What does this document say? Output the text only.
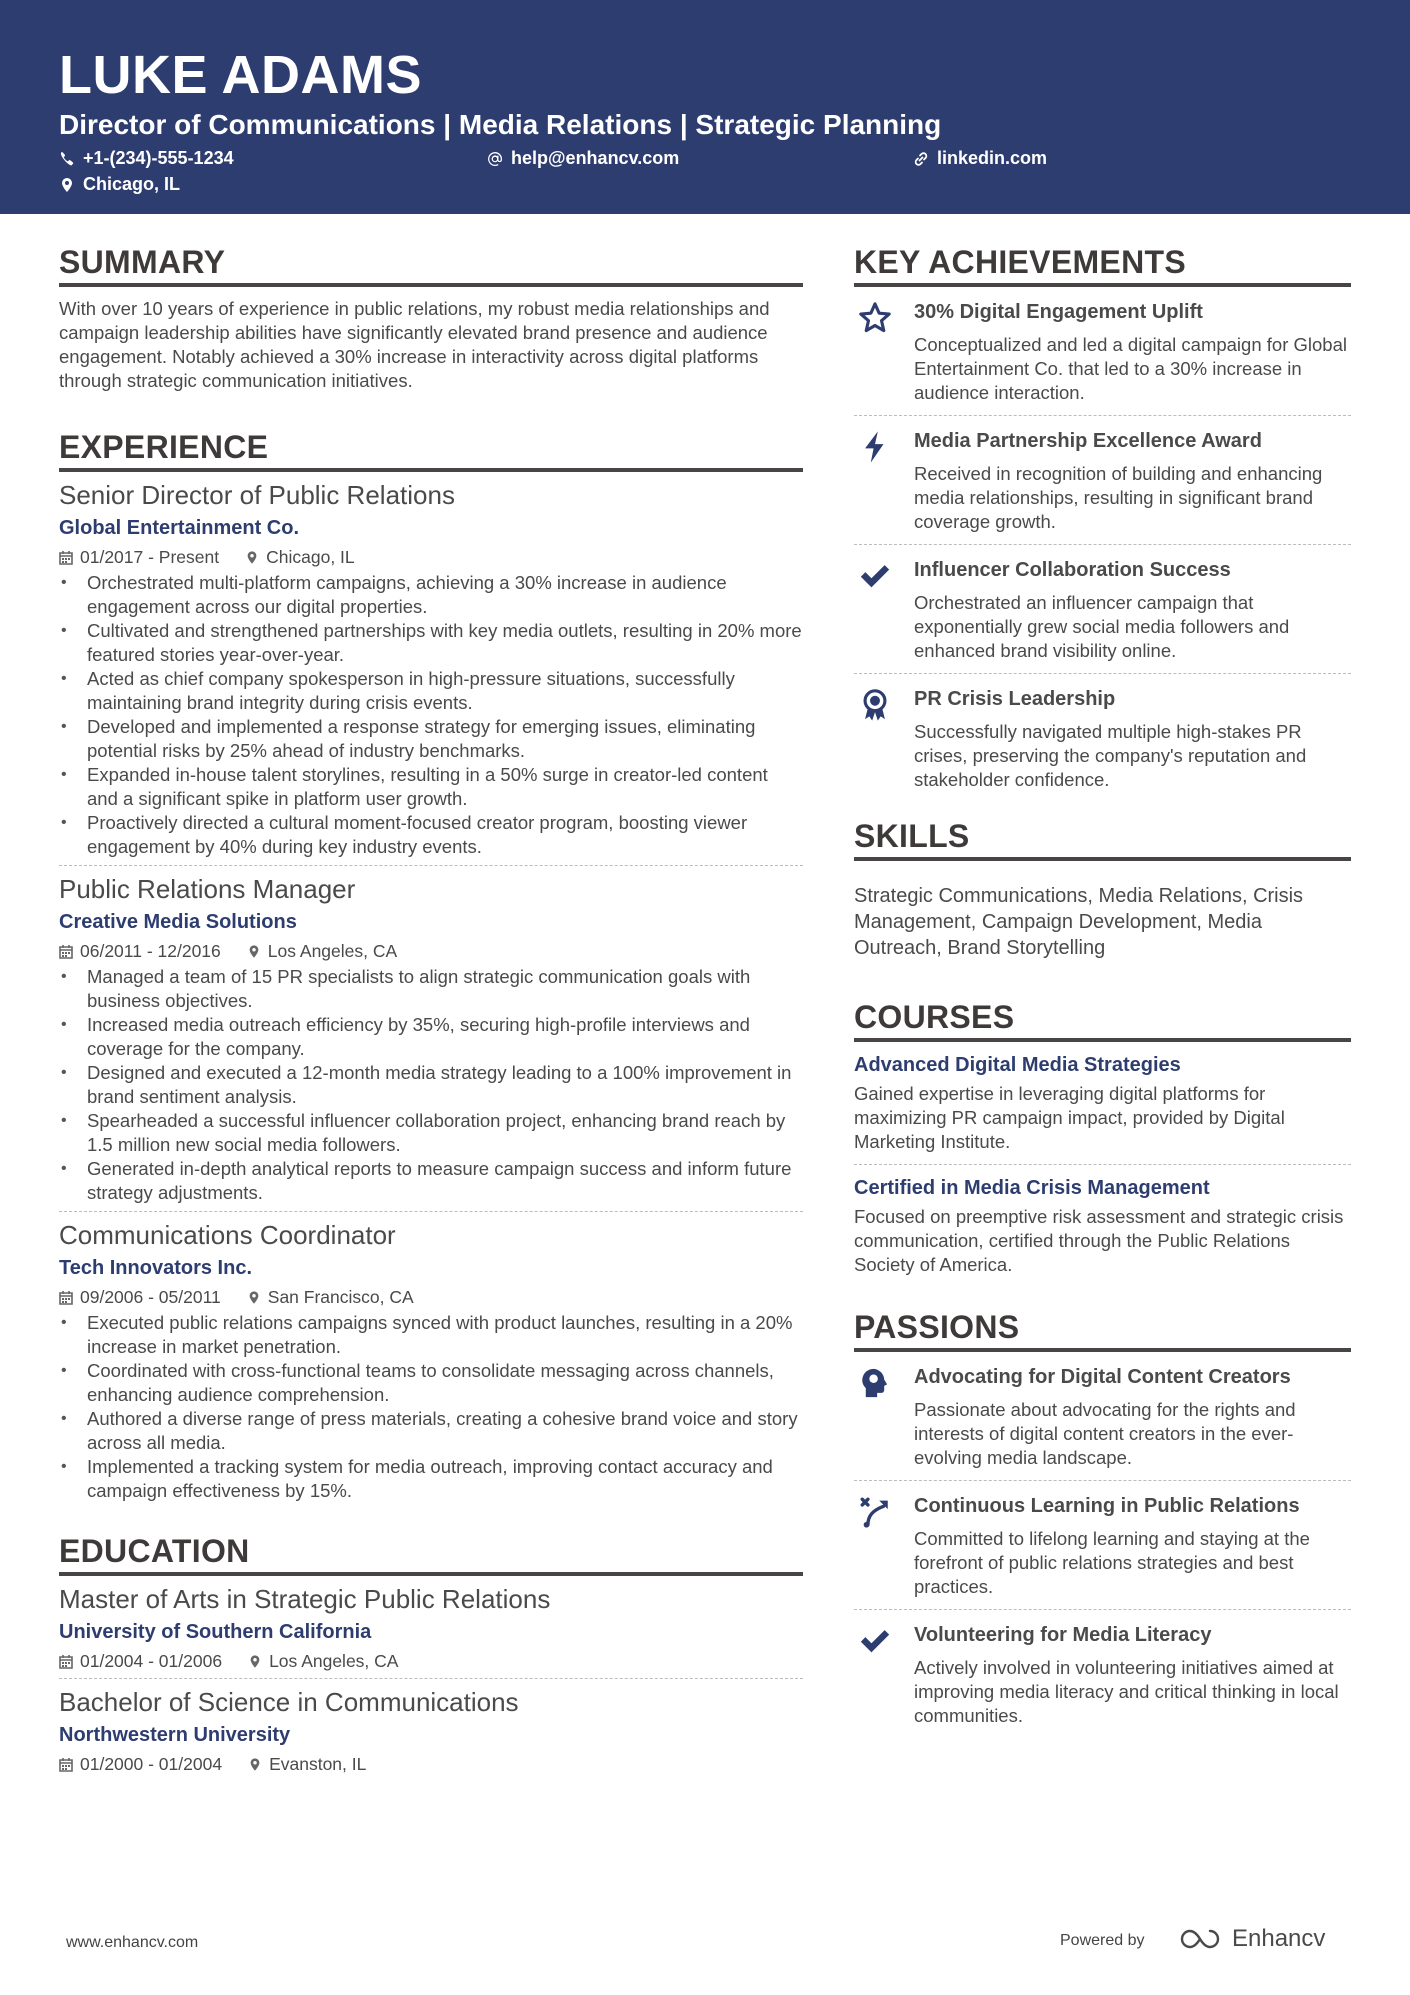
LUKE ADAMS
Director of Communications | Media Relations | Strategic Planning
+1-(234)-555-1234	help@enhancv.com	linkedin.com
Chicago, IL
SUMMARY
With over 10 years of experience in public relations, my robust media relationships and campaign leadership abilities have significantly elevated brand presence and audience engagement. Notably achieved a 30% increase in interactivity across digital platforms through strategic communication initiatives.
EXPERIENCE
Senior Director of Public Relations
Global Entertainment Co.
01/2017 - Present	Chicago, IL
• Orchestrated multi-platform campaigns, achieving a 30% increase in audience engagement across our digital properties.
• Cultivated and strengthened partnerships with key media outlets, resulting in 20% more featured stories year-over-year.
• Acted as chief company spokesperson in high-pressure situations, successfully maintaining brand integrity during crisis events.
• Developed and implemented a response strategy for emerging issues, eliminating potential risks by 25% ahead of industry benchmarks.
• Expanded in-house talent storylines, resulting in a 50% surge in creator-led content and a significant spike in platform user growth.
• Proactively directed a cultural moment-focused creator program, boosting viewer engagement by 40% during key industry events.
Public Relations Manager
Creative Media Solutions
06/2011 - 12/2016	Los Angeles, CA
• Managed a team of 15 PR specialists to align strategic communication goals with business objectives.
• Increased media outreach efficiency by 35%, securing high-profile interviews and coverage for the company.
• Designed and executed a 12-month media strategy leading to a 100% improvement in brand sentiment analysis.
• Spearheaded a successful influencer collaboration project, enhancing brand reach by 1.5 million new social media followers.
• Generated in-depth analytical reports to measure campaign success and inform future strategy adjustments.
Communications Coordinator
Tech Innovators Inc.
09/2006 - 05/2011	San Francisco, CA
• Executed public relations campaigns synced with product launches, resulting in a 20% increase in market penetration.
• Coordinated with cross-functional teams to consolidate messaging across channels, enhancing audience comprehension.
• Authored a diverse range of press materials, creating a cohesive brand voice and story across all media.
• Implemented a tracking system for media outreach, improving contact accuracy and campaign effectiveness by 15%.
EDUCATION
Master of Arts in Strategic Public Relations
University of Southern California
01/2004 - 01/2006	Los Angeles, CA
Bachelor of Science in Communications
Northwestern University
01/2000 - 01/2004	Evanston, IL
KEY ACHIEVEMENTS
30% Digital Engagement Uplift
Conceptualized and led a digital campaign for Global Entertainment Co. that led to a 30% increase in audience interaction.
Media Partnership Excellence Award
Received in recognition of building and enhancing media relationships, resulting in significant brand coverage growth.
Influencer Collaboration Success
Orchestrated an influencer campaign that exponentially grew social media followers and enhanced brand visibility online.
PR Crisis Leadership
Successfully navigated multiple high-stakes PR crises, preserving the company's reputation and stakeholder confidence.
SKILLS
Strategic Communications, Media Relations, Crisis Management, Campaign Development, Media Outreach, Brand Storytelling
COURSES
Advanced Digital Media Strategies
Gained expertise in leveraging digital platforms for maximizing PR campaign impact, provided by Digital Marketing Institute.
Certified in Media Crisis Management
Focused on preemptive risk assessment and strategic crisis communication, certified through the Public Relations Society of America.
PASSIONS
Advocating for Digital Content Creators
Passionate about advocating for the rights and interests of digital content creators in the ever-evolving media landscape.
Continuous Learning in Public Relations
Committed to lifelong learning and staying at the forefront of public relations strategies and best practices.
Volunteering for Media Literacy
Actively involved in volunteering initiatives aimed at improving media literacy and critical thinking in local communities.
www.enhancv.com	Powered by	Enhancv
